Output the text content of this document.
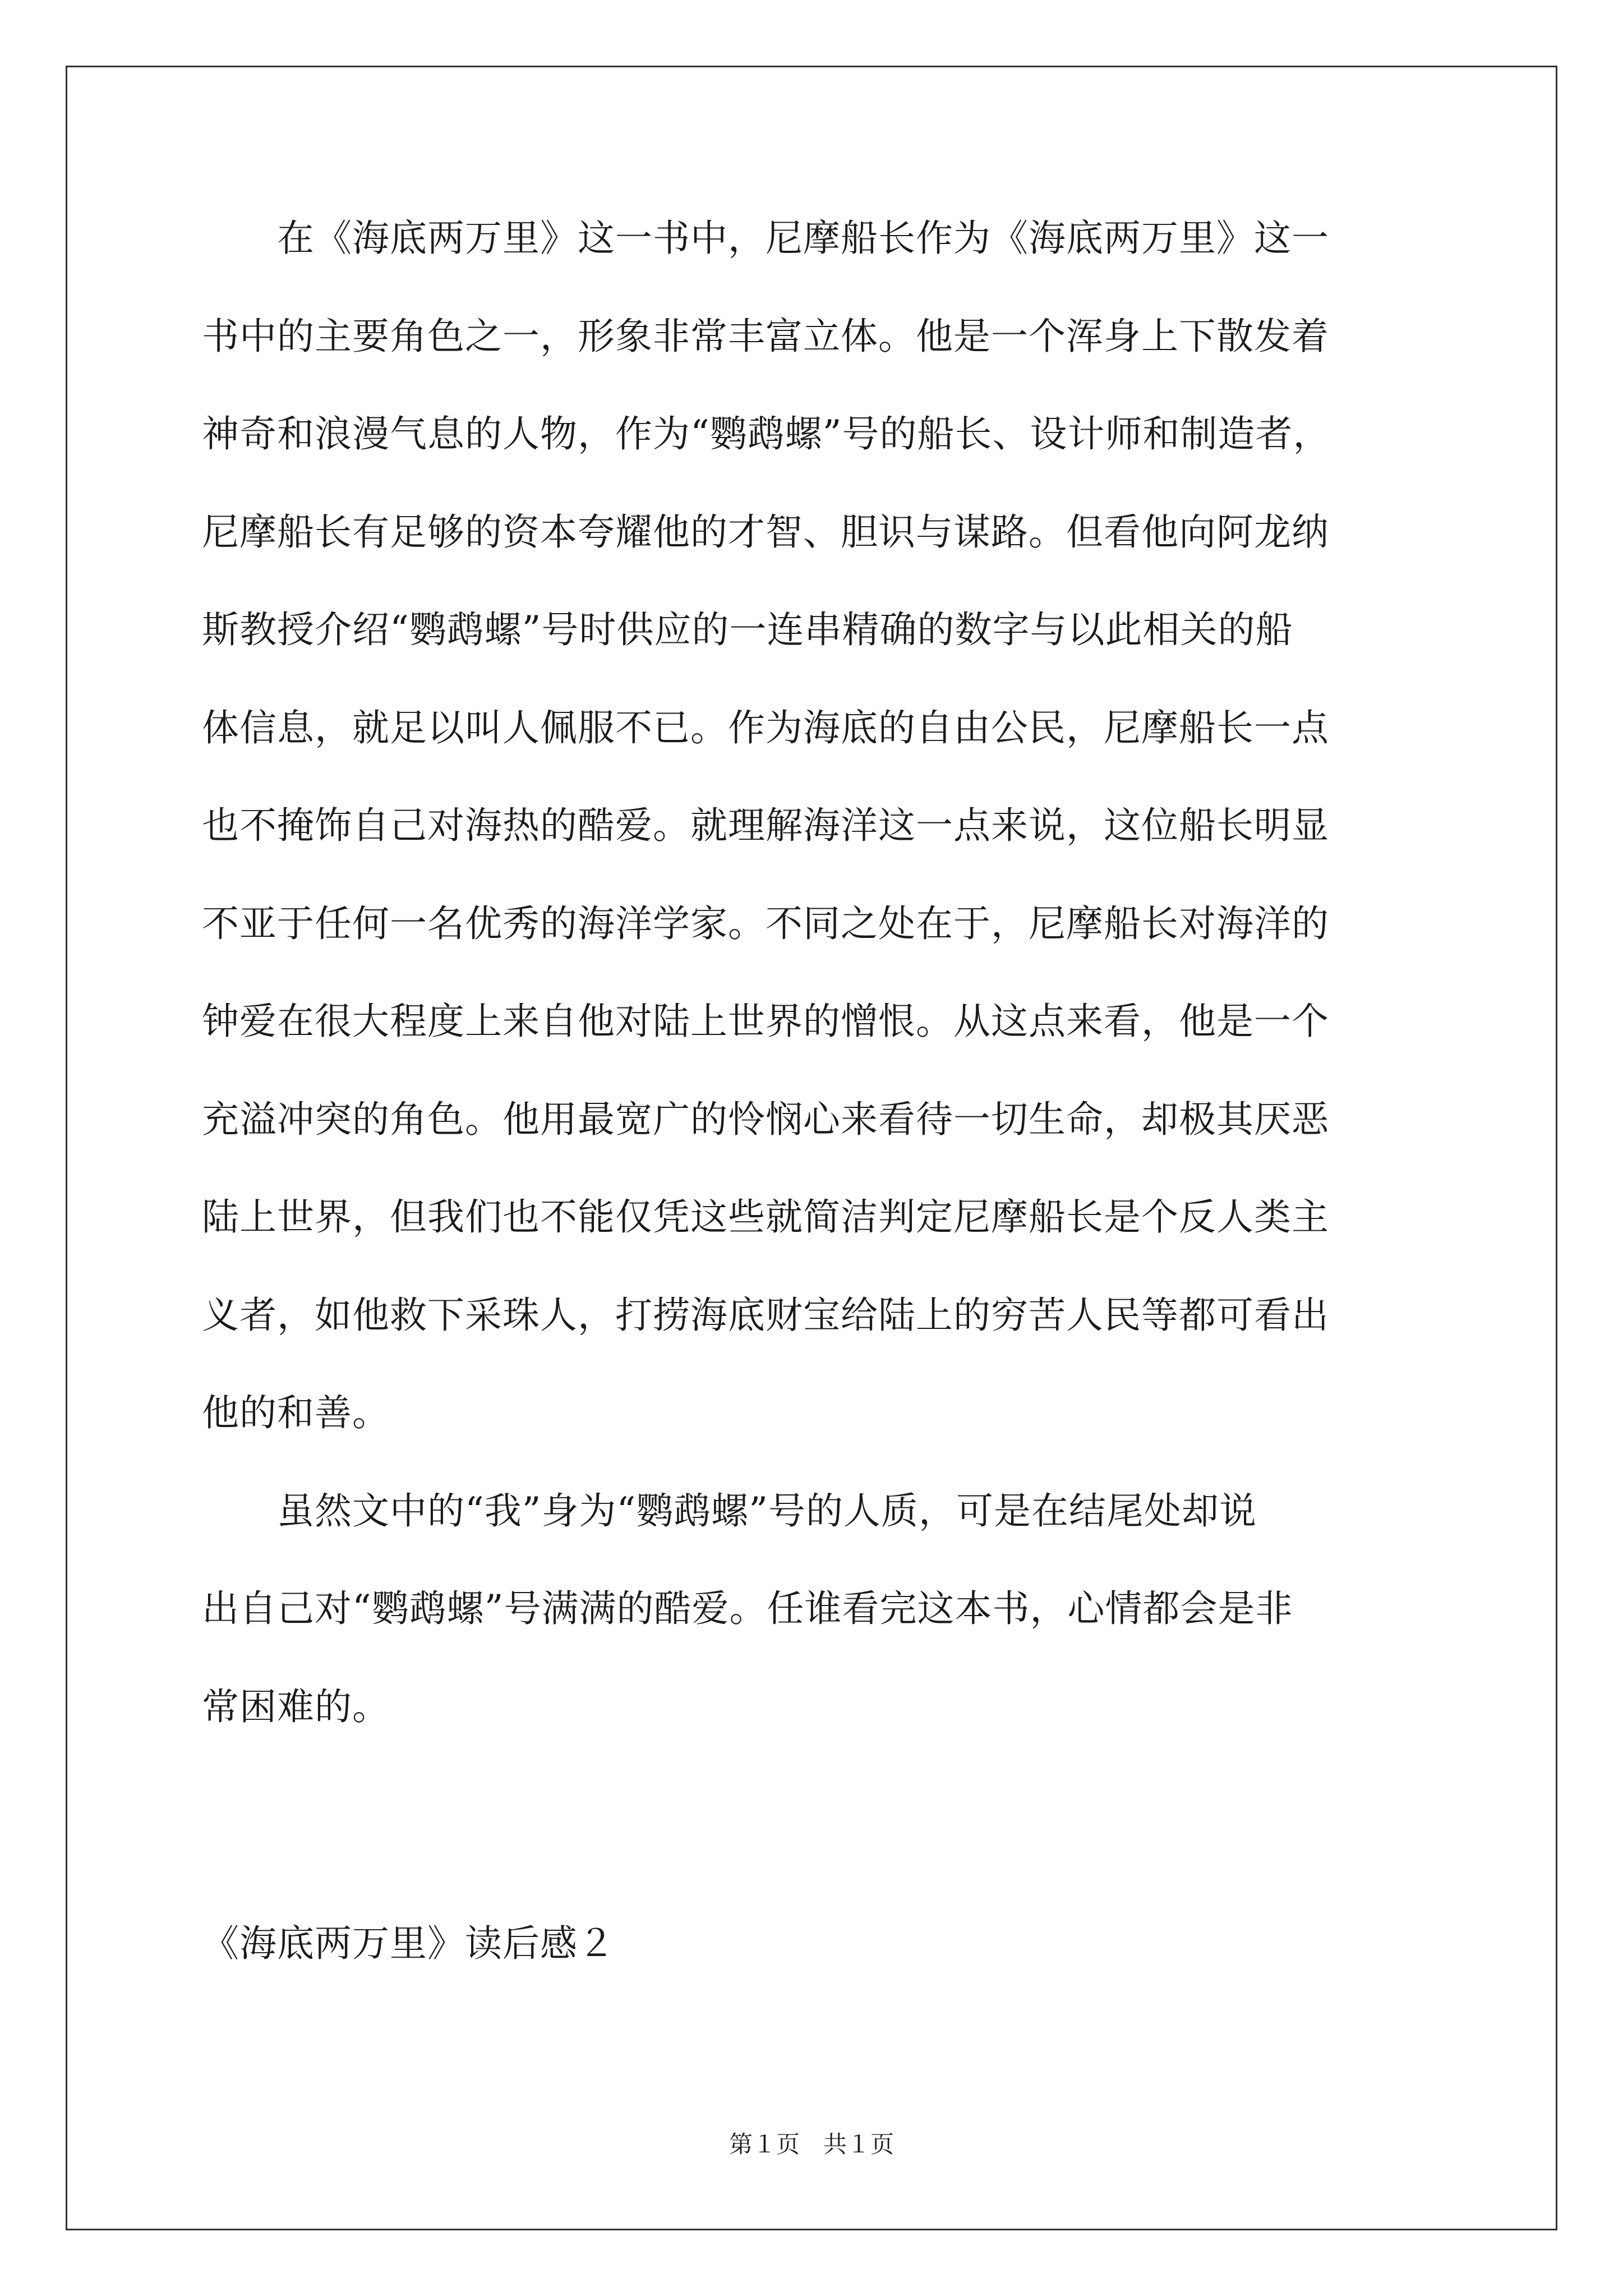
　　在《海底两万里》这一书中，尼摩船长作为《海底两万里》这一
书中的主要角色之一，形象非常丰富立体。他是一个浑身上下散发着
神奇和浪漫气息的人物，作为“鹦鹉螺”号的船长、设计师和制造者，
尼摩船长有足够的资本夸耀他的才智、胆识与谋路。但看他向阿龙纳
斯教授介绍“鹦鹉螺”号时供应的一连串精确的数字与以此相关的船
体信息，就足以叫人佩服不已。作为海底的自由公民，尼摩船长一点
也不掩饰自己对海热的酷爱。就理解海洋这一点来说，这位船长明显
不亚于任何一名优秀的海洋学家。不同之处在于，尼摩船长对海洋的
钟爱在很大程度上来自他对陆上世界的憎恨。从这点来看，他是一个
充溢冲突的角色。他用最宽广的怜悯心来看待一切生命，却极其厌恶
陆上世界，但我们也不能仅凭这些就简洁判定尼摩船长是个反人类主
义者，如他救下采珠人，打捞海底财宝给陆上的穷苦人民等都可看出
他的和善。
　　虽然文中的“我”身为“鹦鹉螺”号的人质，可是在结尾处却说
出自己对“鹦鹉螺”号满满的酷爱。任谁看完这本书，心情都会是非
常困难的。
《海底两万里》读后感２
第１页　共１页
